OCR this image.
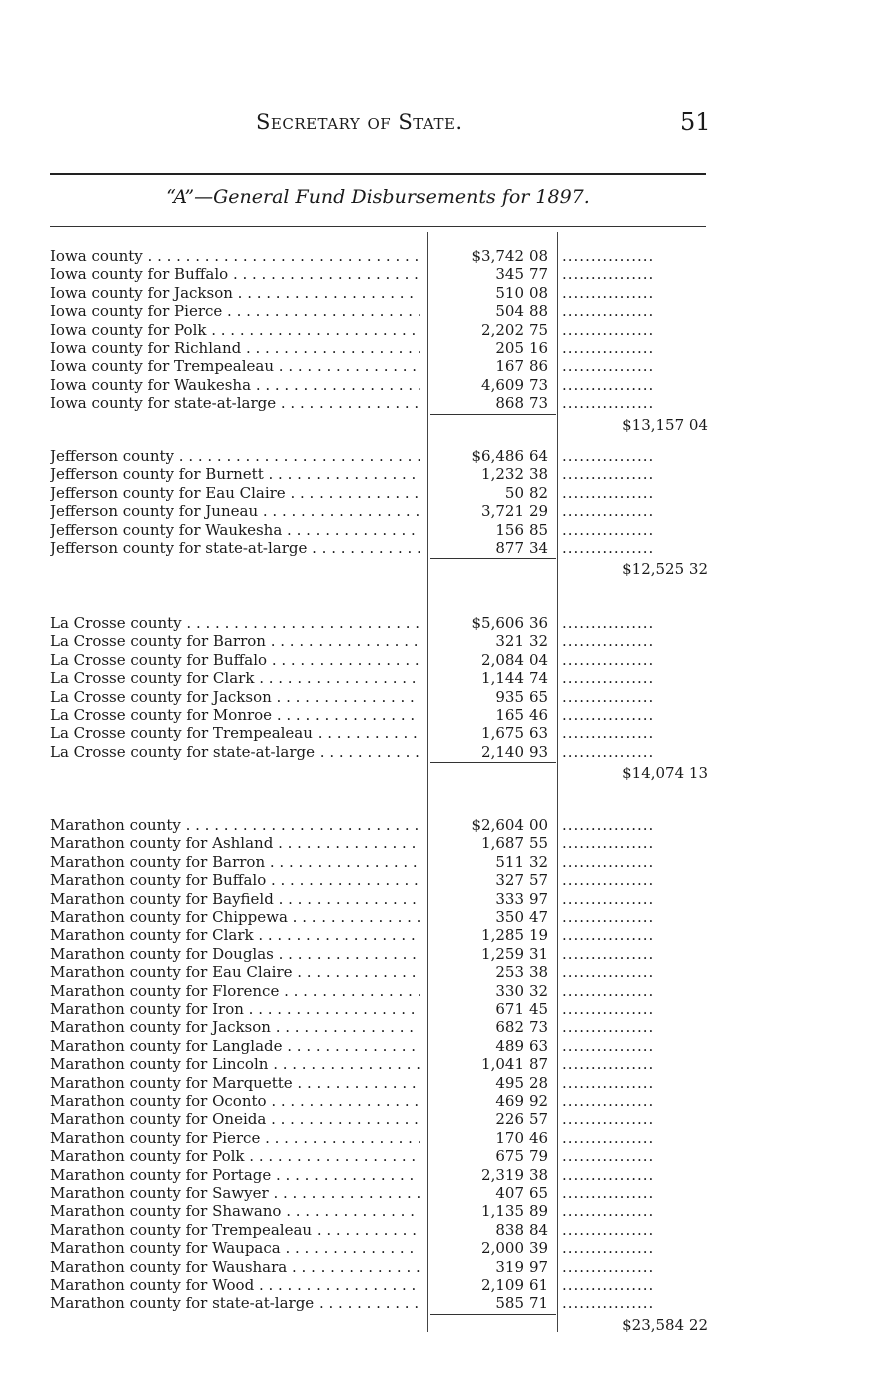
Secretary of State.	51
“A”—General Fund Disbursements for 1897.
Iowa county . . .	$3,742 08 ................
Iowa county for Buffalo . . .	345 77 ................
Iowa county for Jackson . . .	510 08 ................
Iowa county for Pierce . . .	504 88 ................
Iowa county for Polk . . .	2,202 75 ................
Iowa county for Richland . . .	205 16 ................
Iowa county for Trempealeau . . .	167 86 ................
Iowa county for Waukesha . . .	4,609 73 ................
Iowa county for state-at-large . . .	868 73 ................
$13,157 04
Jefferson county . . .	$6,486 64 ................
Jefferson county for Burnett . . .	1,232 38 ................
Jefferson county for Eau Claire . . .	50 82 ................
Jefferson county for Juneau . . .	3,721 29 ................
Jefferson county for Waukesha . . .	156 85 ................
Jefferson county for state-at-large . . .	877 34 ................
$12,525 32
La Crosse county . . .	$5,606 36 ................
La Crosse county for Barron . . .	321 32 ................
La Crosse county for Buffalo . . .	2,084 04 ................
La Crosse county for Clark . . .	1,144 74 ................
La Crosse county for Jackson . . .	935 65 ................
La Crosse county for Monroe . . .	165 46 ................
La Crosse county for Trempealeau . . .	1,675 63 ................
La Crosse county for state-at-large . . .	2,140 93 ................
$14,074 13
Marathon county . . .	$2,604 00 ................
Marathon county for Ashland . . .	1,687 55 ................
Marathon county for Barron . . .	511 32 ................
Marathon county for Buffalo . . .	327 57 ................
Marathon county for Bayfield . . .	333 97 ................
Marathon county for Chippewa . . .	350 47 ................
Marathon county for Clark . . .	1,285 19 ................
Marathon county for Douglas . . .	1,259 31 ................
Marathon county for Eau Claire . . .	253 38 ................
Marathon county for Florence . . .	330 32 ................
Marathon county for Iron . . .	671 45 ................
Marathon county for Jackson . . .	682 73 ................
Marathon county for Langlade . . .	489 63 ................
Marathon county for Lincoln . . .	1,041 87 ................
Marathon county for Marquette . . .	495 28 ................
Marathon county for Oconto . . .	469 92 ................
Marathon county for Oneida . . .	226 57 ................
Marathon county for Pierce . . .	170 46 ................
Marathon county for Polk . . .	675 79 ................
Marathon county for Portage . . .	2,319 38 ................
Marathon county for Sawyer . . .	407 65 ................
Marathon county for Shawano . . .	1,135 89 ................
Marathon county for Trempealeau . . .	838 84 ................
Marathon county for Waupaca . . .	2,000 39 ................
Marathon county for Waushara . . .	319 97 ................
Marathon county for Wood . . .	2,109 61 ................
Marathon county for state-at-large . . .	585 71 ................
$23,584 22
